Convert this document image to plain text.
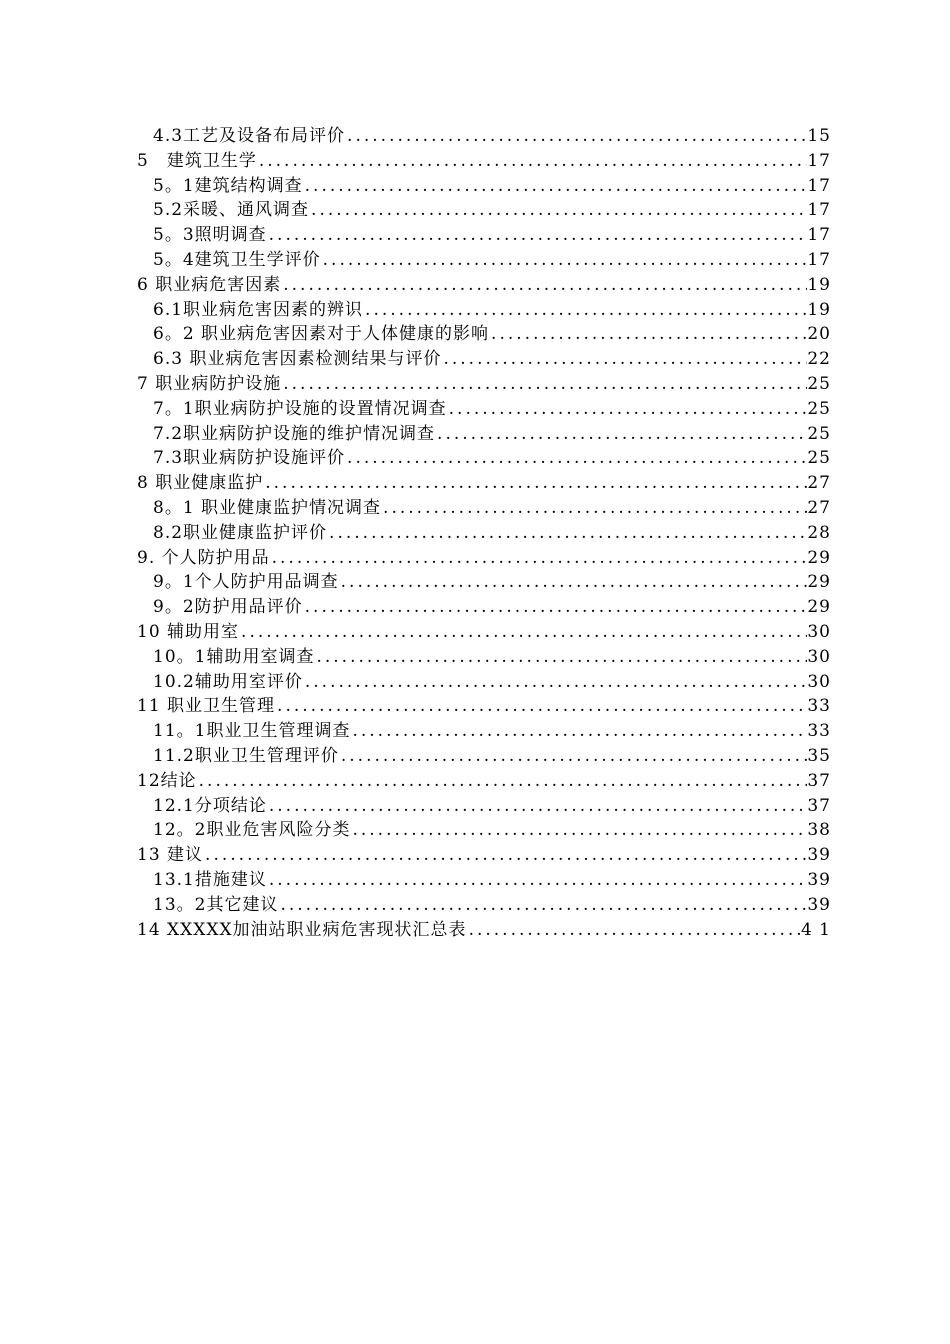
4.3工艺及设备布局评价 .....	15
5　建筑卫生学 .....	17
5。1建筑结构调查 .....	17
5.2采暖、通风调查 .....	17
5。3照明调查 .....	17
5。4建筑卫生学评价 .....	17
6 职业病危害因素 .....	19
6.1职业病危害因素的辨识 .....	19
6。2 职业病危害因素对于人体健康的影响 .....	20
6.3 职业病危害因素检测结果与评价 .....	22
7 职业病防护设施 .....	25
7。1职业病防护设施的设置情况调查 .....	25
7.2职业病防护设施的维护情况调查 .....	25
7.3职业病防护设施评价 .....	25
8 职业健康监护 .....	27
8。1 职业健康监护情况调查 .....	27
8.2职业健康监护评价 .....	28
9. 个人防护用品 .....	29
9。1个人防护用品调查 .....	29
9。2防护用品评价 .....	29
10 辅助用室 .....	30
10。1辅助用室调查 .....	30
10.2辅助用室评价 .....	30
11 职业卫生管理 .....	33
11。1职业卫生管理调查 .....	33
11.2职业卫生管理评价 .....	35
12结论 .....	37
12.1分项结论 .....	37
12。2职业危害风险分类 .....	38
13 建议 .....	39
13.1措施建议 .....	39
13。2其它建议 .....	39
14 XXXXX加油站职业病危害现状汇总表 .....	4 1
